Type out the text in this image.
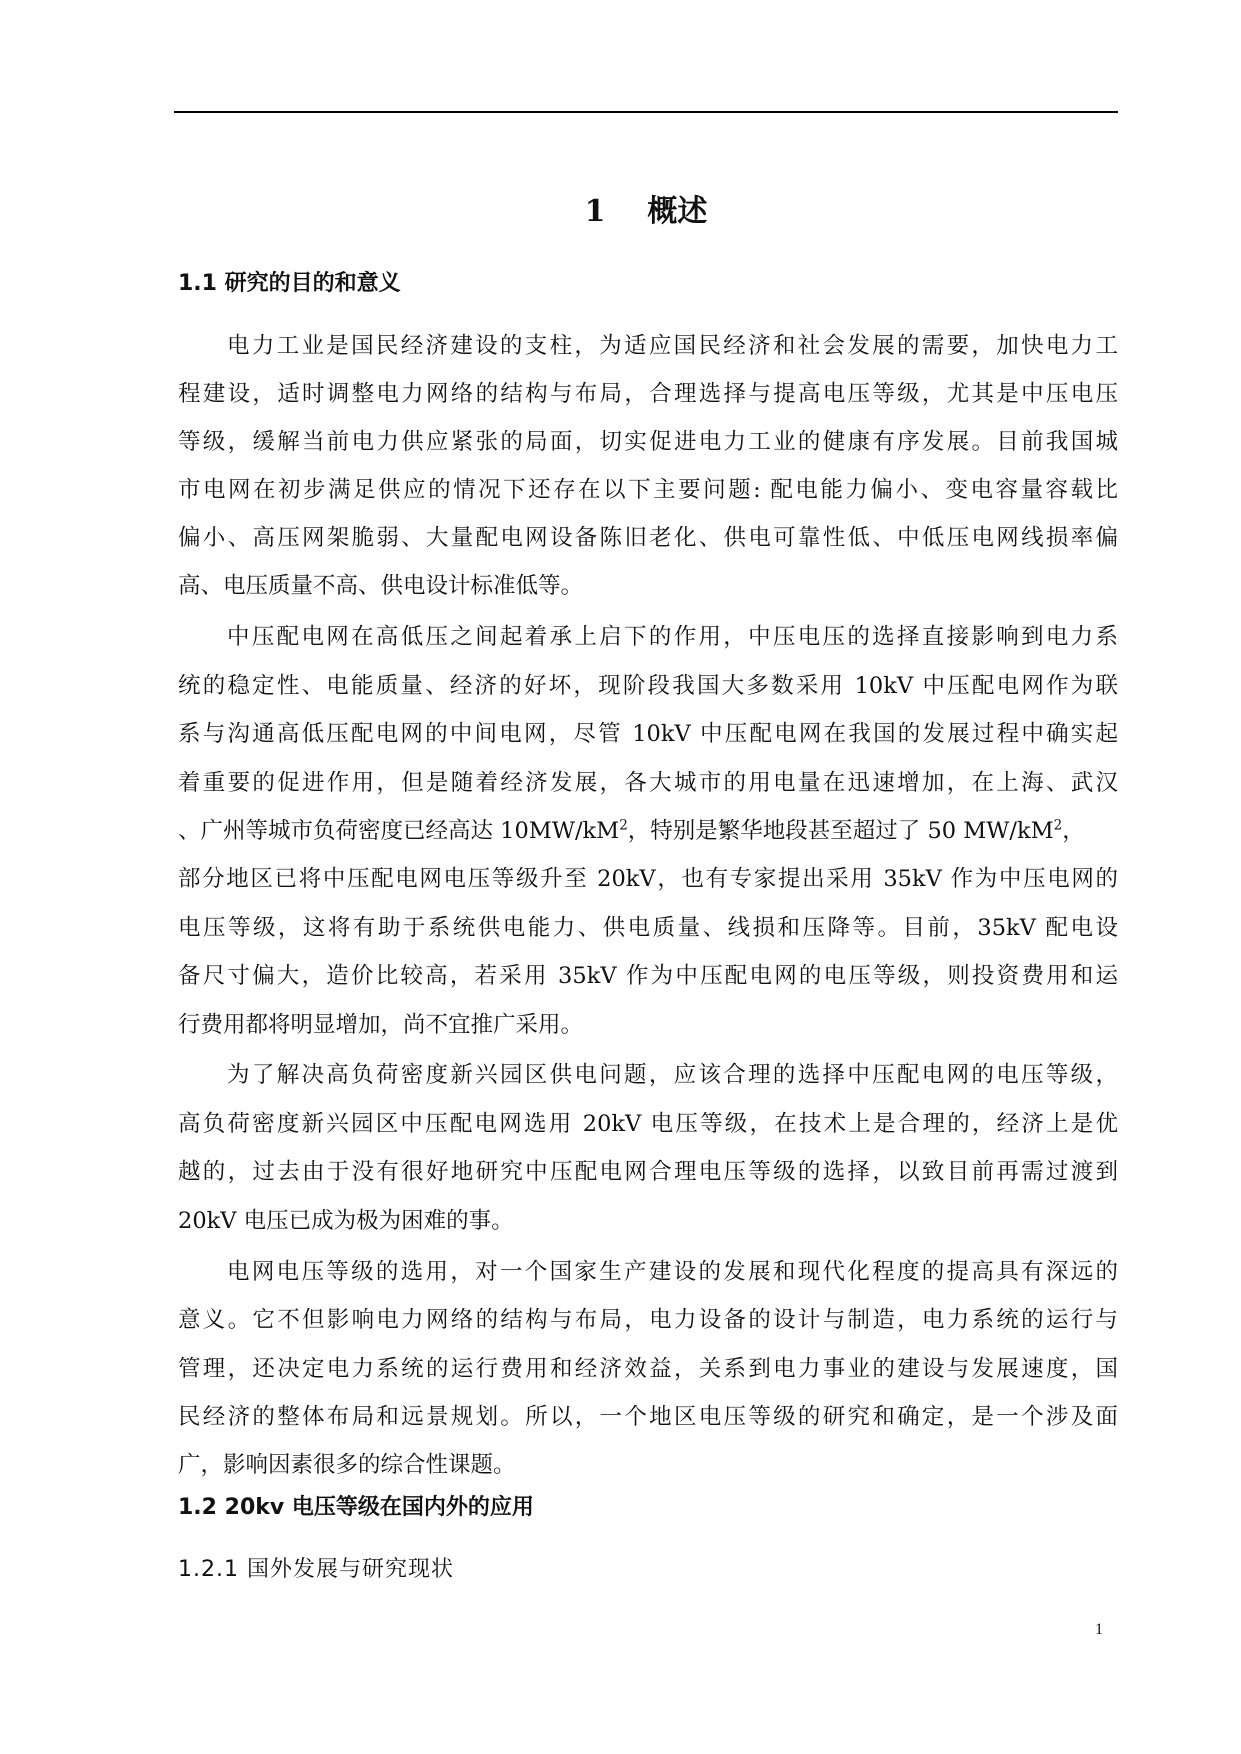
1 概述
1.1 研究的目的和意义
电力工业是国民经济建设的支柱，为适应国民经济和社会发展的需要，加快电力工
程建设，适时调整电力网络的结构与布局，合理选择与提高电压等级，尤其是中压电压
等级，缓解当前电力供应紧张的局面，切实促进电力工业的健康有序发展。目前我国城
市电网在初步满足供应的情况下还存在以下主要问题: 配电能力偏小、变电容量容载比
偏小、高压网架脆弱、大量配电网设备陈旧老化、供电可靠性低、中低压电网线损率偏
高、电压质量不高、供电设计标准低等。
中压配电网在高低压之间起着承上启下的作用，中压电压的选择直接影响到电力系
统的稳定性、电能质量、经济的好坏，现阶段我国大多数采用 10kV 中压配电网作为联
系与沟通高低压配电网的中间电网，尽管 10kV 中压配电网在我国的发展过程中确实起
着重要的促进作用，但是随着经济发展，各大城市的用电量在迅速增加，在上海、武汉
、广州等城市负荷密度已经高达 $10MW/kM^2$，特别是繁华地段甚至超过了 50 $MW/kM^2$，
部分地区已将中压配电网电压等级升至 20kV，也有专家提出采用 35kV 作为中压电网的
电压等级，这将有助于系统供电能力、供电质量、线损和压降等。目前，35kV 配电设
备尺寸偏大，造价比较高，若采用 35kV 作为中压配电网的电压等级，则投资费用和运
行费用都将明显增加，尚不宜推广采用。
为了解决高负荷密度新兴园区供电问题，应该合理的选择中压配电网的电压等级，
高负荷密度新兴园区中压配电网选用 20kV 电压等级，在技术上是合理的，经济上是优
越的，过去由于没有很好地研究中压配电网合理电压等级的选择，以致目前再需过渡到
20kV 电压已成为极为困难的事。
电网电压等级的选用，对一个国家生产建设的发展和现代化程度的提高具有深远的
意义。它不但影响电力网络的结构与布局，电力设备的设计与制造，电力系统的运行与
管理，还决定电力系统的运行费用和经济效益，关系到电力事业的建设与发展速度，国
民经济的整体布局和远景规划。所以，一个地区电压等级的研究和确定，是一个涉及面
广，影响因素很多的综合性课题。
1.2 20kv 电压等级在国内外的应用
1.2.1 国外发展与研究现状
1
